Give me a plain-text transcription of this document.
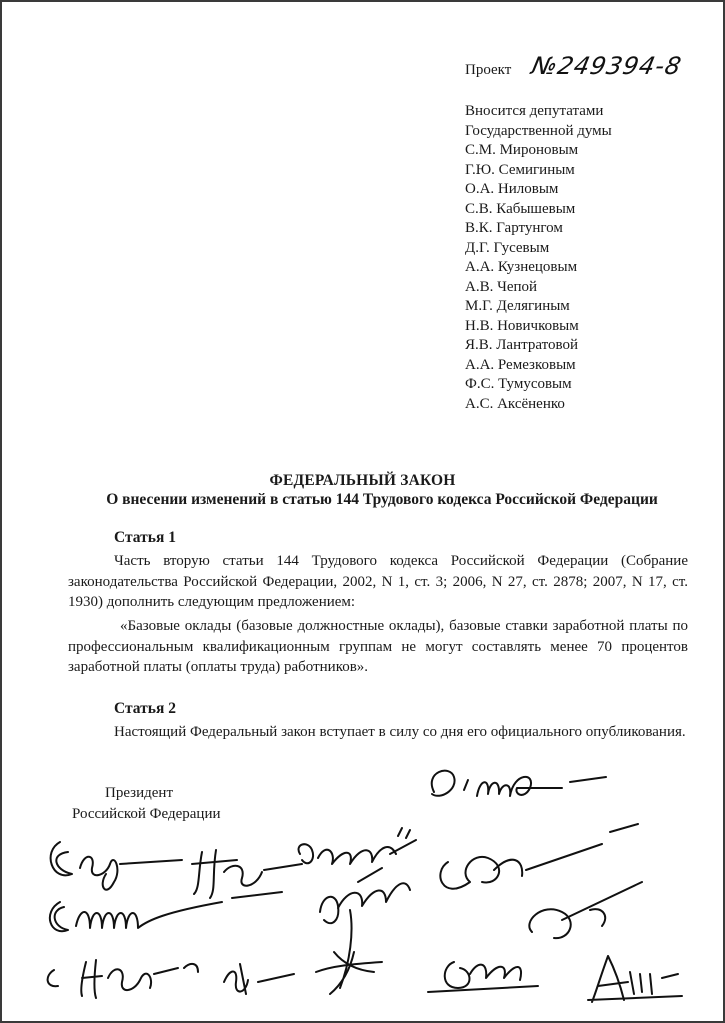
Проект №249394-8
Вносится депутатами
Государственной думы
С.М. Мироновым
Г.Ю. Семигиным
О.А. Ниловым
С.В. Кабышевым
В.К. Гартунгом
Д.Г. Гусевым
А.А. Кузнецовым
А.В. Чепой
М.Г. Делягиным
Н.В. Новичковым
Я.В. Лантратовой
А.А. Ремезковым
Ф.С. Тумусовым
А.С. Аксёненко
ФЕДЕРАЛЬНЫЙ ЗАКОН
О внесении изменений в статью 144 Трудового кодекса Российской Федерации
Статья 1
Часть вторую статьи 144 Трудового кодекса Российской Федерации (Собрание законодательства Российской Федерации, 2002, N 1, ст. 3; 2006, N 27, ст. 2878; 2007, N 17, ст. 1930) дополнить следующим предложением:
«Базовые оклады (базовые должностные оклады), базовые ставки заработной платы по профессиональным квалификационным группам не могут составлять менее 70 процентов заработной платы (оплаты труда) работников».
Статья 2
Настоящий Федеральный закон вступает в силу со дня его официального опубликования.
Президент
Российской Федерации
